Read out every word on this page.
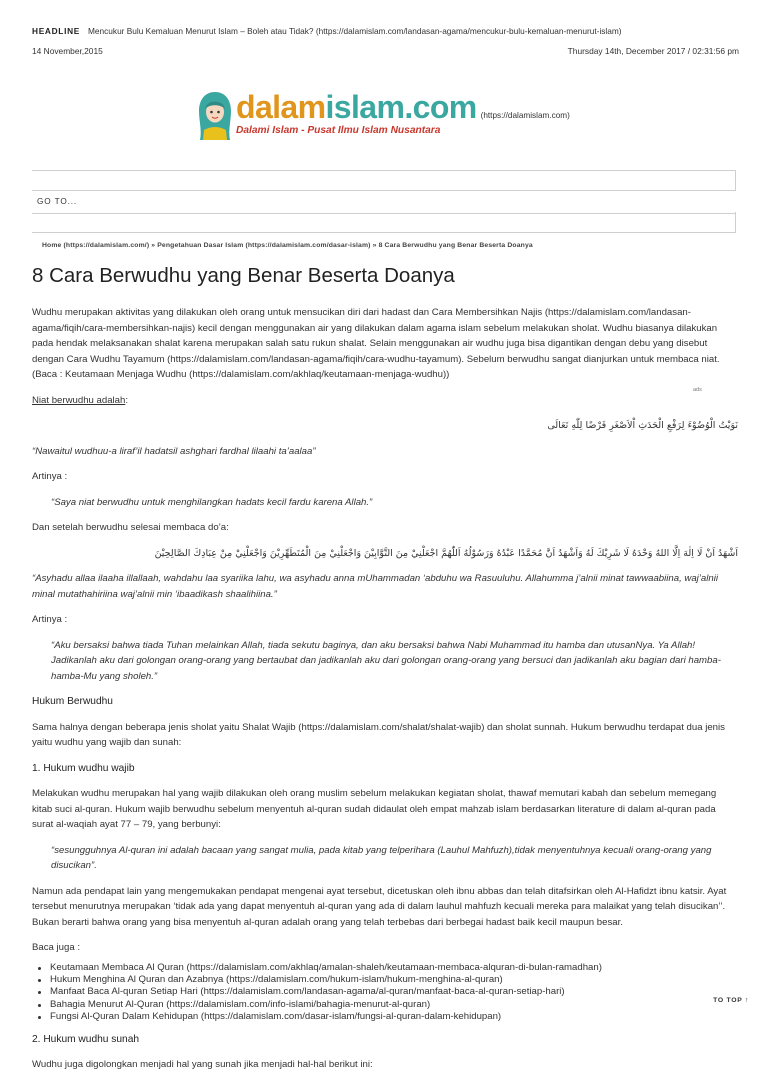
HEADLINE Mencukur Bulu Kemaluan Menurut Islam – Boleh atau Tidak? (https://dalamislam.com/landasan-agama/mencukur-bulu-kemaluan-menurut-islam)
14 November,2015	Thursday 14th, December 2017 / 02:31:56 pm
dalamislam.com
Dalami Islam - Pusat Ilmu Islam Nusantara
(https://dalamislam.com)
GO TO...
Home (https://dalamislam.com/) » Pengetahuan Dasar Islam (https://dalamislam.com/dasar-islam) » 8 Cara Berwudhu yang Benar Beserta Doanya
8 Cara Berwudhu yang Benar Beserta Doanya
ads

Wudhu merupakan aktivitas yang dilakukan oleh orang untuk mensucikan diri dari hadast dan Cara Membersihkan Najis (https://dalamislam.com/landasan-agama/fiqih/cara-membersihkan-najis) kecil dengan menggunakan air yang dilakukan dalam agama islam sebelum melakukan sholat. Wudhu biasanya dilakukan pada hendak melaksanakan shalat karena merupakan salah satu rukun shalat. Selain menggunakan air wudhu juga bisa digantikan dengan debu yang disebut dengan Cara Wudhu Tayamum (https://dalamislam.com/landasan-agama/fiqih/cara-wudhu-tayamum). Sebelum berwudhu sangat dianjurkan untuk membaca niat.(Baca : Keutamaan Menjaga Wudhu (https://dalamislam.com/akhlaq/keutamaan-menjaga-wudhu))

Niat berwudhu adalah:

نَوَيْتُ الْوُضُوْءَ لِرَفْعِ الْحَدَثِ اْلاَصْغَرِ فَرْضًا لِلّٰهِ تَعَالَى

“Nawaitul wudhuu-a liraf’il hadatsil ashghari fardhal lilaahi ta’aalaa”

Artinya :

“Saya niat berwudhu untuk menghilangkan hadats kecil fardu karena Allah.”

Dan setelah berwudhu selesai membaca do’a:

اَشْهَدُ اَنْ لَا اِلٰهَ اِلَّا اللهُ وَحْدَهُ لَا شَرِيْكَ لَهُ وَاَشْهَدُ اَنَّ مُحَمَّدًا عَبْدُهُ وَرَسُوْلُهُ اَللّٰهُمَّ اجْعَلْنِيْ مِنَ التَّوَّابِيْنَ وَاجْعَلْنِيْ مِنَ الْمُتَطَهِّرِيْنَ وَاجْعَلْنِيْ مِنْ عِبَادِكَ الصَّالِحِيْنَ

“Asyhadu allaa ilaaha illallaah, wahdahu laa syariika lahu, wa asyhadu anna mUhammadan ‘abduhu wa Rasuuluhu. Allahumma j’alnii minat tawwaabiina, waj’alnii minal mutathahiriina waj’alnii min ‘ibaadikash shaalihiina.”

Artinya :

“Aku bersaksi bahwa tiada Tuhan melainkan Allah, tiada sekutu baginya, dan aku bersaksi bahwa Nabi Muhammad itu hamba dan utusanNya. Ya Allah! Jadikanlah aku dari golongan orang-orang yang bertaubat dan jadikanlah aku dari golongan orang-orang yang bersuci dan jadikanlah aku bagian dari hamba-hamba-Mu yang sholeh.”

Hukum Berwudhu

Sama halnya dengan beberapa jenis sholat yaitu Shalat Wajib (https://dalamislam.com/shalat/shalat-wajib) dan sholat sunnah. Hukum berwudhu terdapat dua jenis yaitu wudhu yang wajib dan sunah:

1. Hukum wudhu wajib

Melakukan wudhu merupakan hal yang wajib dilakukan oleh orang muslim sebelum melakukan kegiatan sholat, thawaf memutari kabah dan sebelum memegang kitab suci al-quran. Hukum wajib berwudhu sebelum menyentuh al-quran sudah didaulat oleh empat mahzab islam berdasarkan literature di dalam al-quran pada surat al-waqiah ayat 77 – 79, yang berbunyi:

“sesungguhnya Al-quran ini adalah bacaan yang sangat mulia, pada kitab yang telperihara (Lauhul Mahfuzh),tidak menyentuhnya kecuali orang-orang yang disucikan”.

Namun ada pendapat lain yang mengemukakan pendapat mengenai ayat tersebut, dicetuskan oleh ibnu abbas dan telah ditafsirkan oleh Al-Hafidzt ibnu katsir. Ayat tersebut menurutnya merupakan ‘tidak ada yang dapat menyentuh al-quran yang ada di dalam lauhul mahfuzh kecuali mereka para malaikat yang telah disucikan’’. Bukan berarti bahwa orang yang bisa menyentuh al-quran adalah orang yang telah terbebas dari berbegai hadast baik kecil maupun besar.

Baca juga :

Keutamaan Membaca Al Quran (https://dalamislam.com/akhlaq/amalan-shaleh/keutamaan-membaca-alquran-di-bulan-ramadhan)
Hukum Menghina Al Quran dan Azabnya (https://dalamislam.com/hukum-islam/hukum-menghina-al-quran)
Manfaat Baca Al-quran Setiap Hari (https://dalamislam.com/landasan-agama/al-quran/manfaat-baca-al-quran-setiap-hari)
Bahagia Menurut Al-Quran (https://dalamislam.com/info-islami/bahagia-menurut-al-quran)
Fungsi Al-Quran Dalam Kehidupan (https://dalamislam.com/dasar-islam/fungsi-al-quran-dalam-kehidupan)

2. Hukum wudhu sunah

Wudhu juga digolongkan menjadi hal yang sunah jika menjadi hal-hal berikut ini:

TO TOP ↑
